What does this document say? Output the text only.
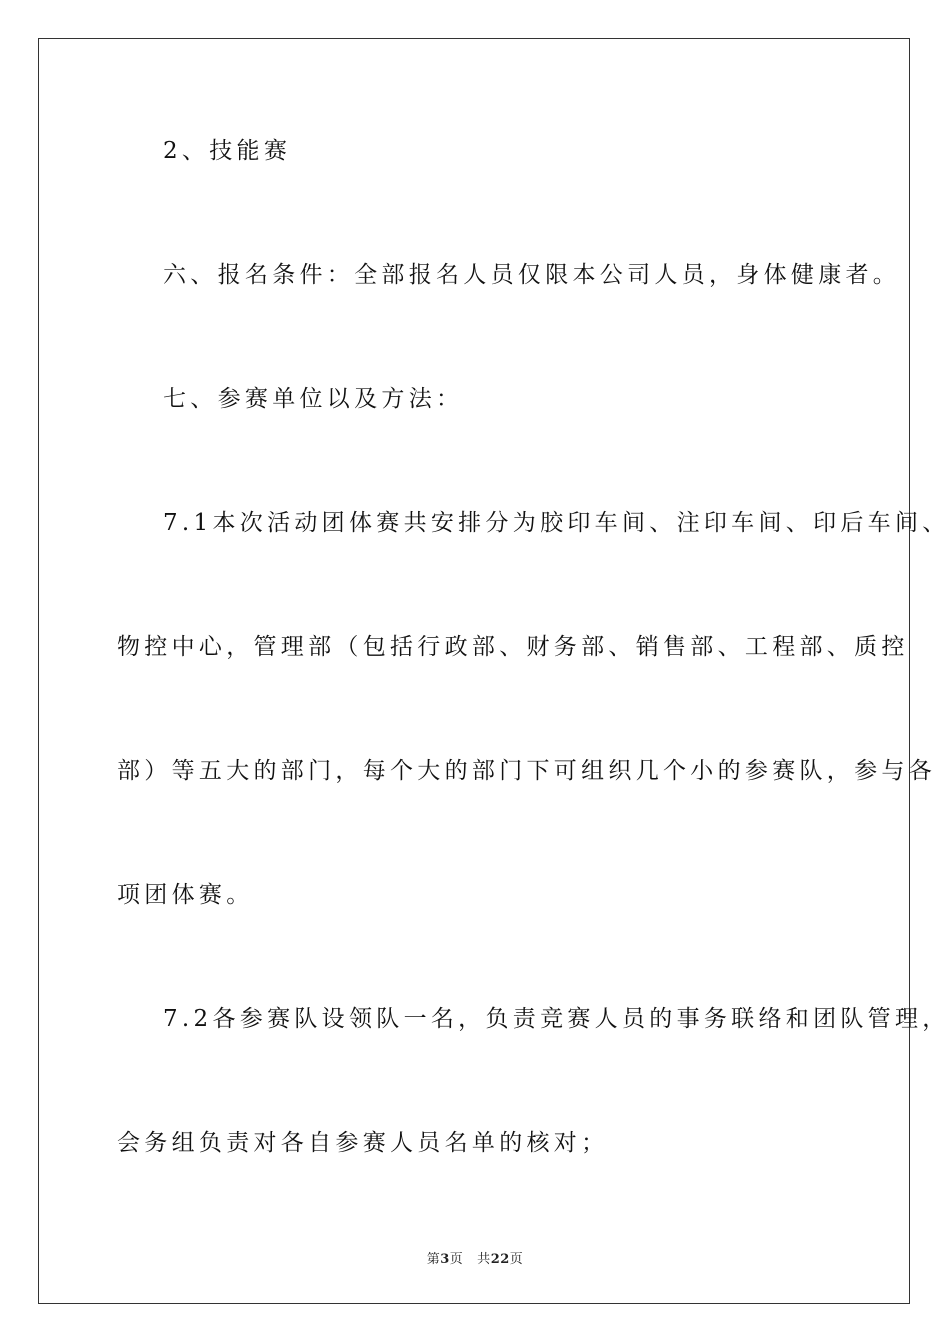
2、技能赛
六、报名条件：全部报名人员仅限本公司人员，身体健康者。
七、参赛单位以及方法：
7.1本次活动团体赛共安排分为胶印车间、注印车间、印后车间、
物控中心，管理部（包括行政部、财务部、销售部、工程部、质控
部）等五大的部门，每个大的部门下可组织几个小的参赛队，参与各
项团体赛。
7.2各参赛队设领队一名，负责竞赛人员的事务联络和团队管理，
会务组负责对各自参赛人员名单的核对；
第3页 共22页
